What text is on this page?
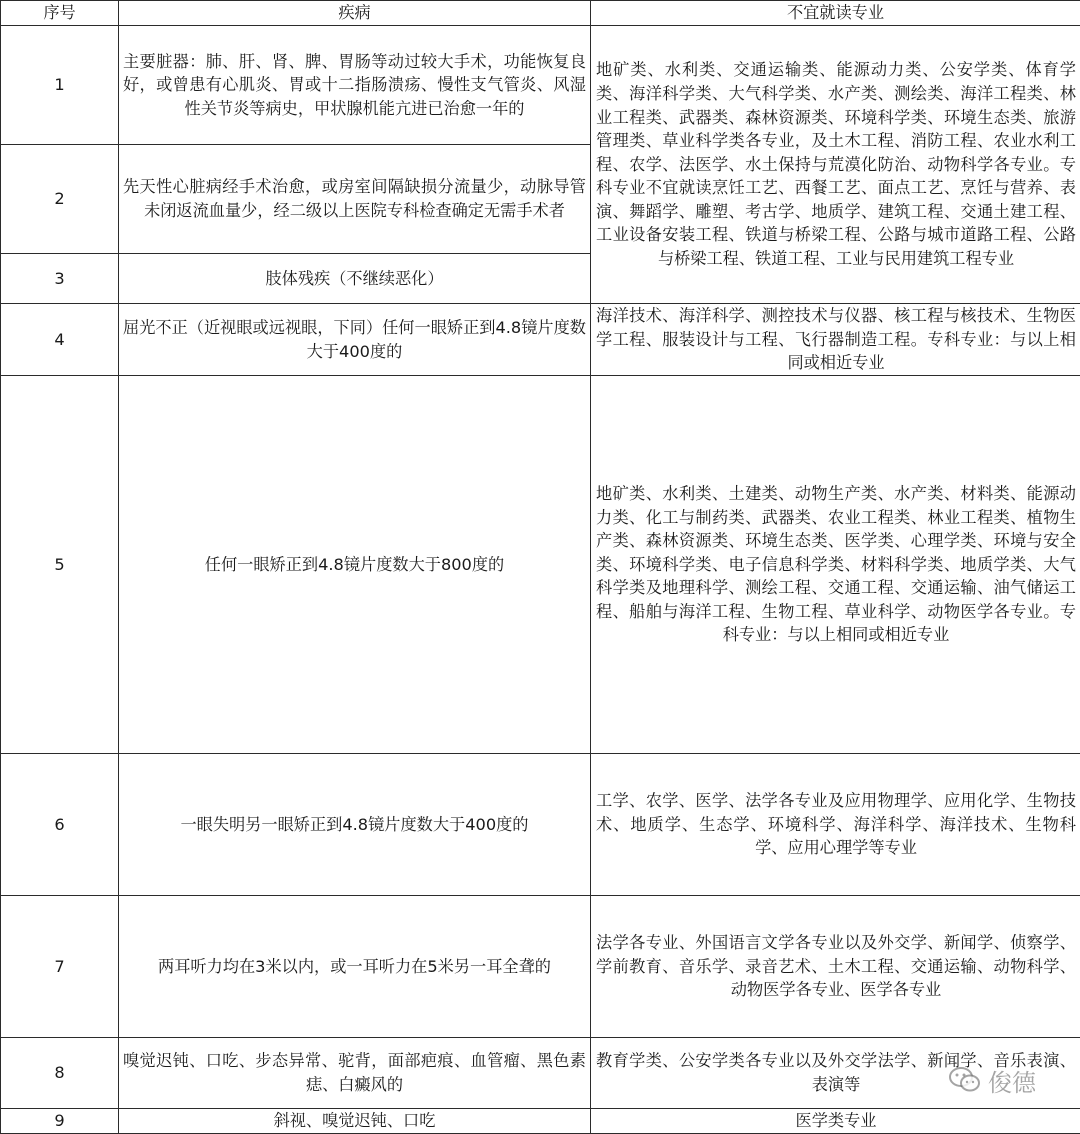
序号	疾病	不宜就读专业
1	主要脏器：肺、肝、肾、脾、胃肠等动过较大手术，功能恢复良好，或曾患有心肌炎、胃或十二指肠溃疡、慢性支气管炎、风湿性关节炎等病史，甲状腺机能亢进已治愈一年的	地矿类、水利类、交通运输类、能源动力类、公安学类、体育学类、海洋科学类、大气科学类、水产类、测绘类、海洋工程类、林业工程类、武器类、森林资源类、环境科学类、环境生态类、旅游管理类、草业科学类各专业，及土木工程、消防工程、农业水利工程、农学、法医学、水土保持与荒漠化防治、动物科学各专业。专科专业不宜就读烹饪工艺、西餐工艺、面点工艺、烹饪与营养、表演、舞蹈学、雕塑、考古学、地质学、建筑工程、交通土建工程、工业设备安装工程、铁道与桥梁工程、公路与城市道路工程、公路与桥梁工程、铁道工程、工业与民用建筑工程专业
2	先天性心脏病经手术治愈，或房室间隔缺损分流量少，动脉导管未闭返流血量少，经二级以上医院专科检查确定无需手术者	
3	肢体残疾（不继续恶化）	
4	屈光不正（近视眼或远视眼，下同）任何一眼矫正到4.8镜片度数大于400度的	海洋技术、海洋科学、测控技术与仪器、核工程与核技术、生物医学工程、服装设计与工程、飞行器制造工程。专科专业：与以上相同或相近专业
5	任何一眼矫正到4.8镜片度数大于800度的	地矿类、水利类、土建类、动物生产类、水产类、材料类、能源动力类、化工与制药类、武器类、农业工程类、林业工程类、植物生产类、森林资源类、环境生态类、医学类、心理学类、环境与安全类、环境科学类、电子信息科学类、材料科学类、地质学类、大气科学类及地理科学、测绘工程、交通工程、交通运输、油气储运工程、船舶与海洋工程、生物工程、草业科学、动物医学各专业。专科专业：与以上相同或相近专业
6	一眼失明另一眼矫正到4.8镜片度数大于400度的	工学、农学、医学、法学各专业及应用物理学、应用化学、生物技术、地质学、生态学、环境科学、海洋科学、海洋技术、生物科学、应用心理学等专业
7	两耳听力均在3米以内，或一耳听力在5米另一耳全聋的	法学各专业、外国语言文学各专业以及外交学、新闻学、侦察学、学前教育、音乐学、录音艺术、土木工程、交通运输、动物科学、动物医学各专业、医学各专业
8	嗅觉迟钝、口吃、步态异常、驼背，面部疤痕、血管瘤、黑色素痣、白癜风的	教育学类、公安学类各专业以及外交学法学、新闻学、音乐表演、表演等
9	斜视、嗅觉迟钝、口吃	医学类专业
俊德
